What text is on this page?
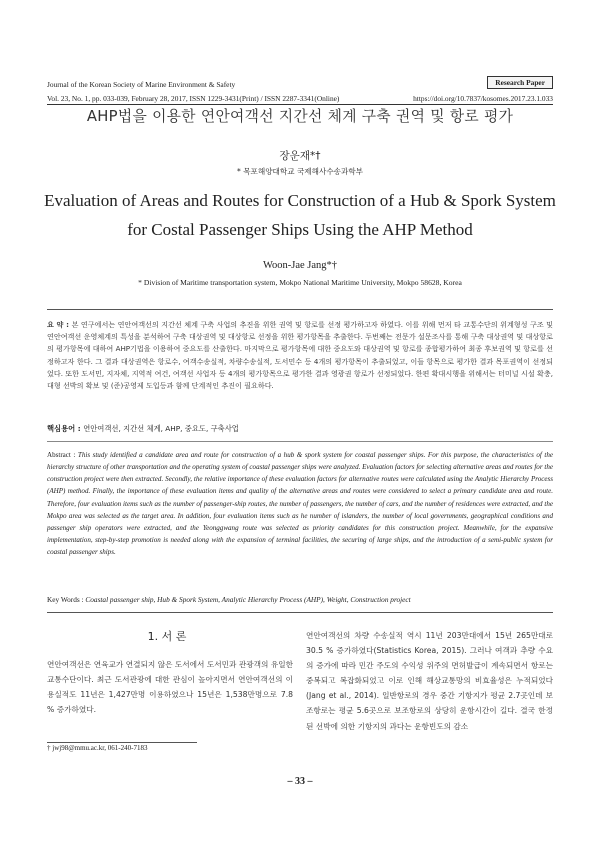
Journal of the Korean Society of Marine Environment & Safety	Research Paper
Vol. 23, No. 1, pp. 033-039, February 28, 2017, ISSN 1229-3431(Print) / ISSN 2287-3341(Online)	https://doi.org/10.7837/kosomes.2017.23.1.033
AHP법을 이용한 연안여객선 지간선 체계 구축 권역 및 항로 평가
장운재*†
* 목포해양대학교 국제해사수송과학부
Evaluation of Areas and Routes for Construction of a Hub & Spork System
for Costal Passenger Ships Using the AHP Method
Woon-Jae Jang*†
* Division of Maritime transportation system, Mokpo National Maritime University, Mokpo 58628, Korea
요 약 : 본 연구에서는 연안여객선의 지간선 체계 구축 사업의 추진을 위한 권역 및 항로를 선정 평가하고자 하였다. 이를 위해 먼저 타 교통수단의 위계형성 구조 및 연안여객선 운영체계의 특성을 분석하여 구축 대상권역 및 대상항로 선정을 위한 평가항목을 추출한다. 두번째는 전문가 설문조사를 통해 구축 대상권역 및 대상항로의 평가항목에 대하여 AHP기법을 이용하여 중요도를 산출한다. 마지막으로 평가항목에 대한 중요도와 대상권역 및 항로를 종합평가하여 최종 후보권역 및 항로를 선정하고자 한다. 그 결과 대상권역은 항로수, 여객수송실적, 차량수송실적, 도서민수 등 4개의 평가항목이 추출되었고, 이들 항목으로 평가한 결과 목포권역이 선정되었다. 또한 도서민, 지자체, 지역적 여건, 여객선 사업자 등 4개의 평가항목으로 평가한 결과 영광권 항로가 선정되었다. 한편 확대시행을 위해서는 터미널 시설 확충, 대형 선박의 확보 및 (준)공영제 도입등과 함께 단계적인 추진이 필요하다.
핵심용어 : 연안여객선, 지간선 체계, AHP, 중요도, 구축사업
Abstract : This study identified a candidate area and route for construction of a hub & spork system for coastal passenger ships. For this purpose, the characteristics of the hierarchy structure of other transportation and the operating system of coastal passenger ships were analyzed. Evaluation factors for selecting alternative areas and routes for the construction project were then extracted. Secondly, the relative importance of these evaluation factors for alternative routes were calculated using the Analytic Hierarchy Process (AHP) method. Finally, the importance of these evaluation items and quality of the alternative areas and routes were considered to select a primary candidate area and route. Therefore, four evaluation items such as the number of passenger-ship routes, the number of passengers, the number of cars, and the number of residences were extracted, and the Mokpo area was selected as the target area. In addition, four evaluation items such as he number of islanders, the number of local governments, geographical conditions and passenger ship operators were extracted, and the Yeonggwang route was selected as priority candidates for this construction project. Meanwhile, for the expansive implementation, step-by-step promotion is needed along with the expansion of terminal facilities, the securing of large ships, and the introduction of a semi-public system for coastal passenger ships.
Key Words : Coastal passenger ship, Hub & Spork System, Analytic Hierarchy Process (AHP), Weight, Construction project
1. 서 론
연안여객선은 연육교가 연결되지 않은 도서에서 도서민과 관광객의 유일한 교통수단이다. 최근 도서관광에 대한 관심이 높아지면서 연안여객선의 이용실적도 11년은 1,427만명 이용하였으나 15년은 1,538만명으로 7.8 % 증가하였다.
연안여객선의 차량 수송실적 역시 11년 203만대에서 15년 265만대로 30.5 % 증가하였다(Statistics Korea, 2015). 그러나 여객과 추량 수요의 증가에 따라 민간 주도의 수익성 위주의 면허발급이 계속되면서 항로는 중복되고 복잡화되었고 이로 인해 해상교통망의 비효율성은 누적되었다(Jang et al., 2014). 일반항로의 경우 중간 기항지가 평균 2.7곳인데 보조항로는 평균 5.6곳으로 보조항로의 상당히 운항시간이 길다. 결국 한정된 선박에 의한 기항지의 과다는 운항빈도의 감소
† jwj98@mmu.ac.kr, 061-240-7183
– 33 –
